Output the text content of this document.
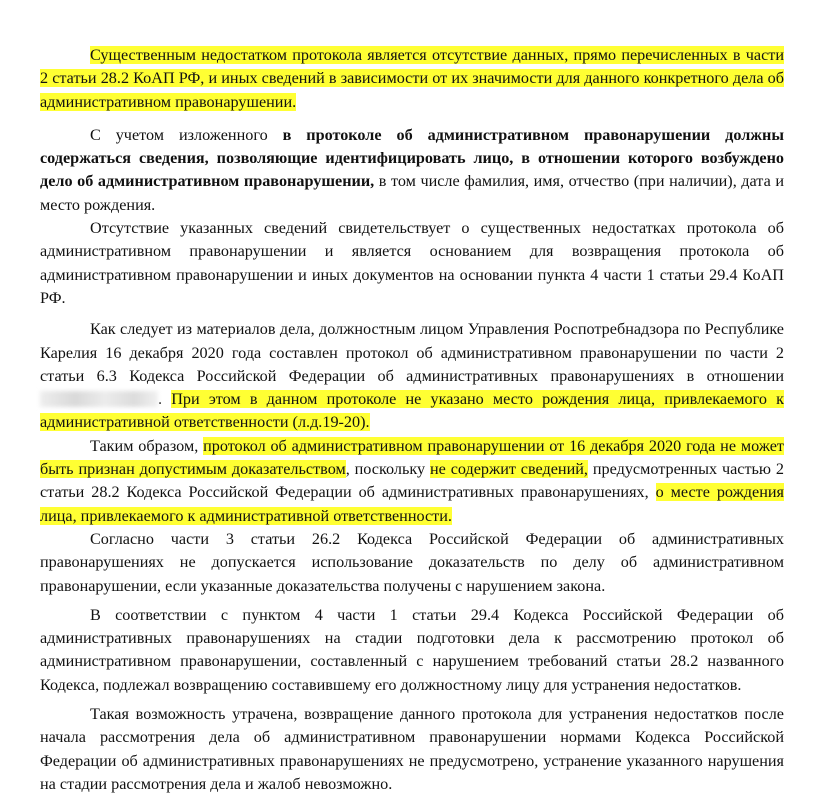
Существенным недостатком протокола является отсутствие данных, прямо перечисленных в части 2 статьи 28.2 КоАП РФ, и иных сведений в зависимости от их значимости для данного конкретного дела об административном правонарушении.

С учетом изложенного в протоколе об административном правонарушении должны содержаться сведения, позволяющие идентифицировать лицо, в отношении которого возбуждено дело об административном правонарушении, в том числе фамилия, имя, отчество (при наличии), дата и место рождения.

Отсутствие указанных сведений свидетельствует о существенных недостатках протокола об административном правонарушении и является основанием для возвращения протокола об административном правонарушении и иных документов на основании пункта 4 части 1 статьи 29.4 КоАП РФ.

Как следует из материалов дела, должностным лицом Управления Роспотребнадзора по Республике Карелия 16 декабря 2020 года составлен протокол об административном правонарушении по части 2 статьи 6.3 Кодекса Российской Федерации об административных правонарушениях в отношении . При этом в данном протоколе не указано место рождения лица, привлекаемого к административной ответственности (л.д.19-20).

Таким образом, протокол об административном правонарушении от 16 декабря 2020 года не может быть признан допустимым доказательством, поскольку не содержит сведений, предусмотренных частью 2 статьи 28.2 Кодекса Российской Федерации об административных правонарушениях, о месте рождения лица, привлекаемого к административной ответственности.

Согласно части 3 статьи 26.2 Кодекса Российской Федерации об административных правонарушениях не допускается использование доказательств по делу об административном правонарушении, если указанные доказательства получены с нарушением закона.

В соответствии с пунктом 4 части 1 статьи 29.4 Кодекса Российской Федерации об административных правонарушениях на стадии подготовки дела к рассмотрению протокол об административном правонарушении, составленный с нарушением требований статьи 28.2 названного Кодекса, подлежал возвращению составившему его должностному лицу для устранения недостатков.

Такая возможность утрачена, возвращение данного протокола для устранения недостатков после начала рассмотрения дела об административном правонарушении нормами Кодекса Российской Федерации об административных правонарушениях не предусмотрено, устранение указанного нарушения на стадии рассмотрения дела и жалоб невозможно.
